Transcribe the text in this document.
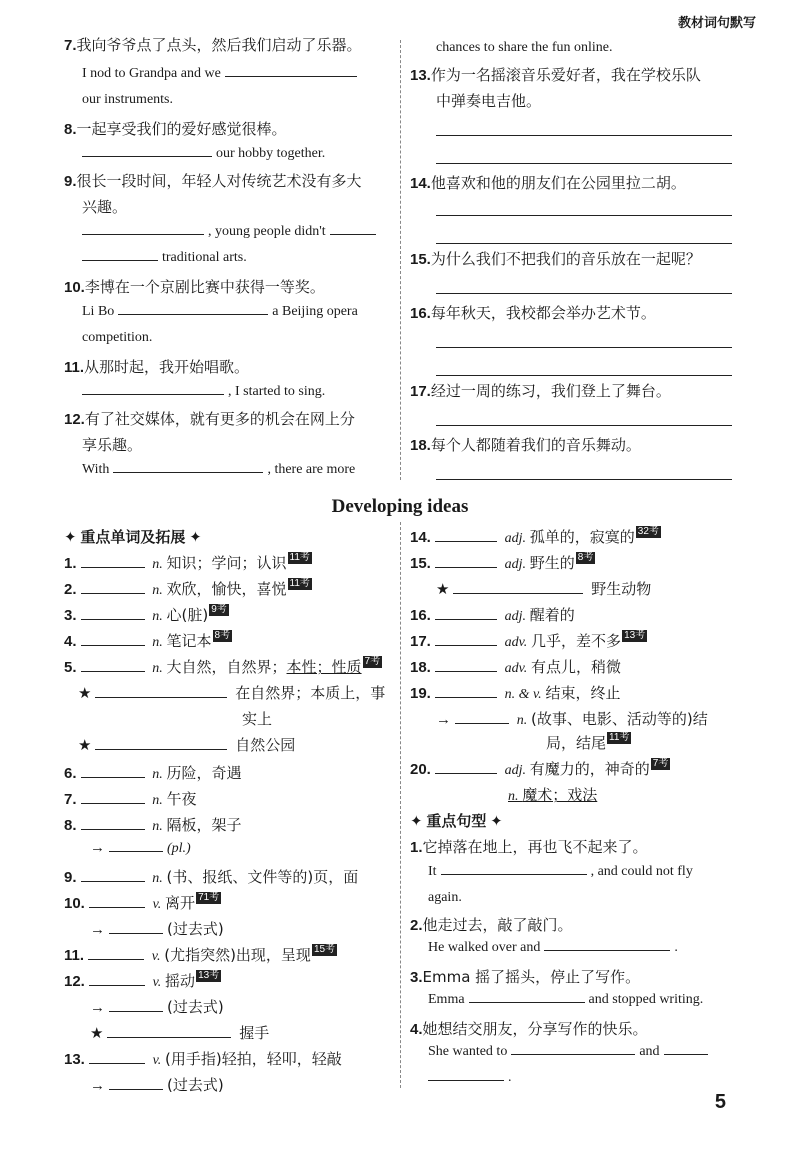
教材词句默写
7.我向爷爷点了点头，然后我们启动了乐器。
I nod to Grandpa and we
our instruments.
8.一起享受我们的爱好感觉很棒。
our hobby together.
9.很长一段时间，年轻人对传统艺术没有多大
兴趣。
, young people didn't
traditional arts.
10.李博在一个京剧比赛中获得一等奖。
Li Bo	a Beijing opera
competition.
11.从那时起，我开始唱歌。
, I started to sing.
12.有了社交媒体，就有更多的机会在网上分
享乐趣。
With	, there are more
chances to share the fun online.
13.作为一名摇滚音乐爱好者，我在学校乐队
中弹奏电吉他。
14.他喜欢和他的朋友们在公园里拉二胡。
15.为什么我们不把我们的音乐放在一起呢？
16.每年秋天，我校都会举办艺术节。
17.经过一周的练习，我们登上了舞台。
18.每个人都随着我们的音乐舞动。
Developing ideas
✦ 重点单词及拓展 ✦
1.	n. 知识；学问；认识 11考
2.	n. 欢欣，愉快，喜悦 11考
3.	n. 心(脏) 9考
4.	n. 笔记本 8考
5.	n. 大自然，自然界；本性；性质 7考
★	在自然界；本质上，事
实上
★	自然公园
6.	n. 历险，奇遇
7.	n. 午夜
8.	n. 隔板，架子
→	(pl.)
9.	n. (书、报纸、文件等的)页，面
10.	v. 离开 71考
→	(过去式)
11.	v. (尤指突然)出现，呈现 15考
12.	v. 摇动 13考
→	(过去式)
★	握手
13.	v. (用手指)轻拍，轻叩，轻敲
→	(过去式)
14.	adj. 孤单的，寂寞的 32考
15.	adj. 野生的 8考
★	野生动物
16.	adj. 醒着的
17.	adv. 几乎，差不多 13考
18.	adv. 有点儿，稍微
19.	n. & v. 结束，终止
→	n. (故事、电影、活动等的)结
局，结尾 11考
20.	adj. 有魔力的，神奇的 7考
n. 魔术；戏法
✦ 重点句型 ✦
1.它掉落在地上，再也飞不起来了。
It	, and could not fly
again.
2.他走过去，敲了敲门。
He walked over and	.
3.Emma 摇了摇头，停止了写作。
Emma	and stopped writing.
4.她想结交朋友，分享写作的快乐。
She wanted to	and
.
5
